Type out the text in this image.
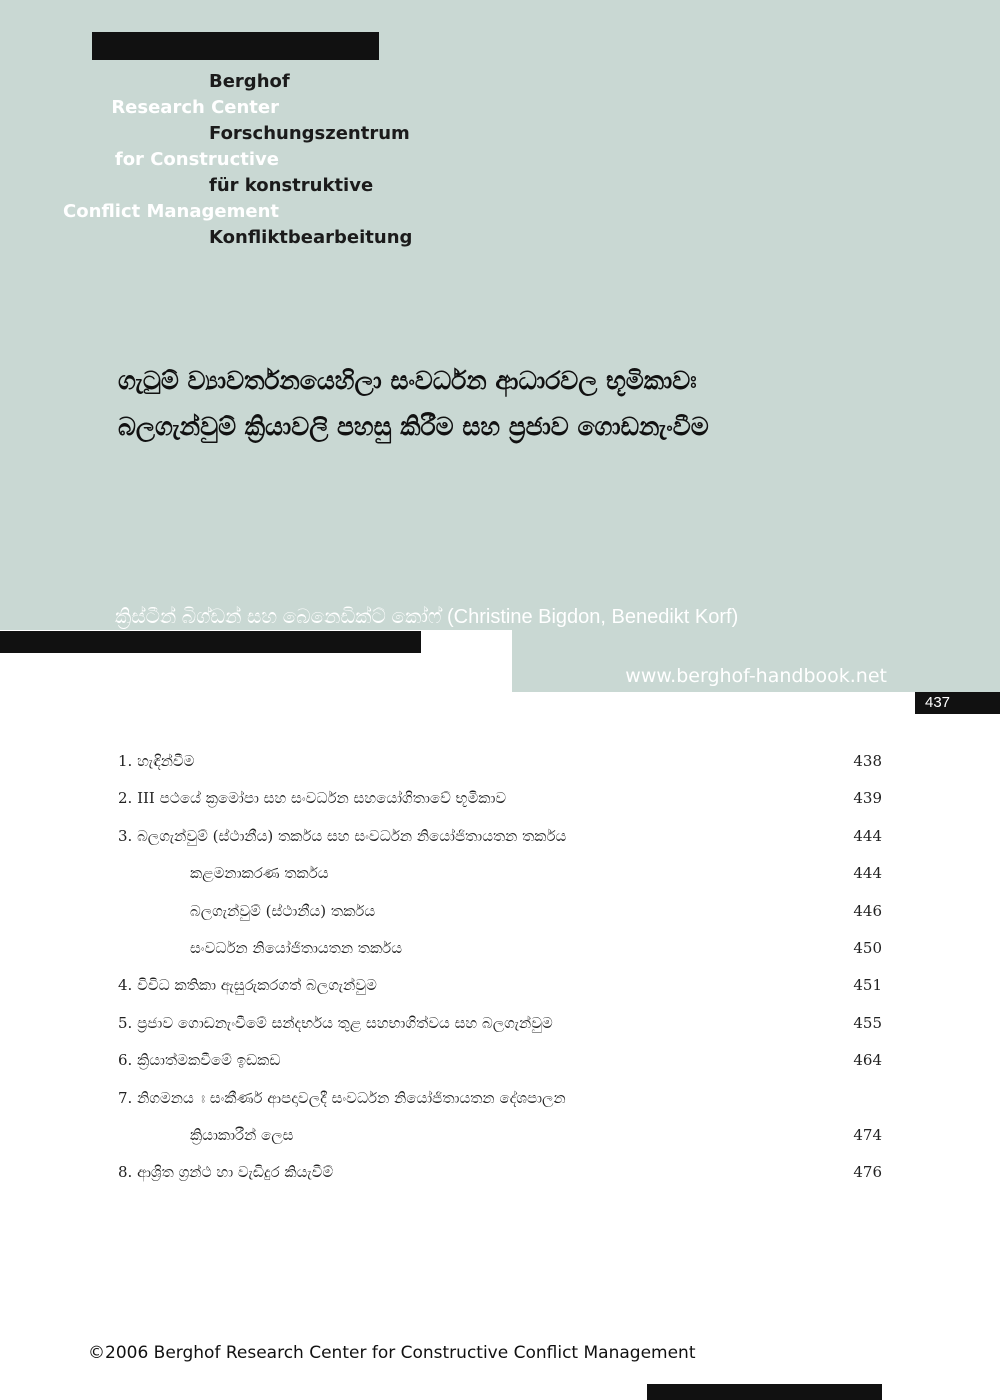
Berghof
Research Center
Forschungszentrum
for Constructive
für konstruktive
Conflict Management
Konfliktbearbeitung
ගැටුම් ව්‍යාවර්තනයෙහිලා සංවර්ධන ආධාරවල භූමිකාවඃ
බලගැන්වුම් ක්‍රියාවලි පහසු කිරීම සහ ප්‍රජාව ගොඩනැංවීම
ක්‍රිස්ටීන් බිග්ඩන් සහ බෙනෙඩික්ට් කෝෆ් (Christine Bigdon, Benedikt Korf)
www.berghof-handbook.net
437
1. හැඳින්වීම	438
2. III පථයේ ක්‍රමෝපා සහ සංවර්ධන සහයෝගිතාවේ භූමිකාව	439
3. බලගැන්වුම් (ස්ථානීය) තර්කය සහ සංවර්ධන නියෝජිතායතන තර්කය	444
කළමනාකරණ තර්කය	444
බලගැන්වුම් (ස්ථානීය) තර්කය	446
සංවර්ධන නියෝජිතායතන තර්කය	450
4. විවිධ කතිකා ඇසුරුකරගත් බලගැන්වුම	451
5. ප්‍රජාව ගොඩනැංවීමේ සන්දර්භය තුළ සහභාගිත්වය සහ බලගැන්වුම	455
6. ක්‍රියාත්මකවීමේ ඉඩකඩ	464
7. නිගමනය ඃ සංකීර්ණ ආපදාවලදී සංවර්ධන නියෝජිතායතන දේශපාලන
ක්‍රියාකාරීන් ලෙස	474
8. ආශ්‍රිත ග්‍රන්ථ හා වැඩිදුර කියැවීම්	476
©2006 Berghof Research Center for Constructive Conflict Management
